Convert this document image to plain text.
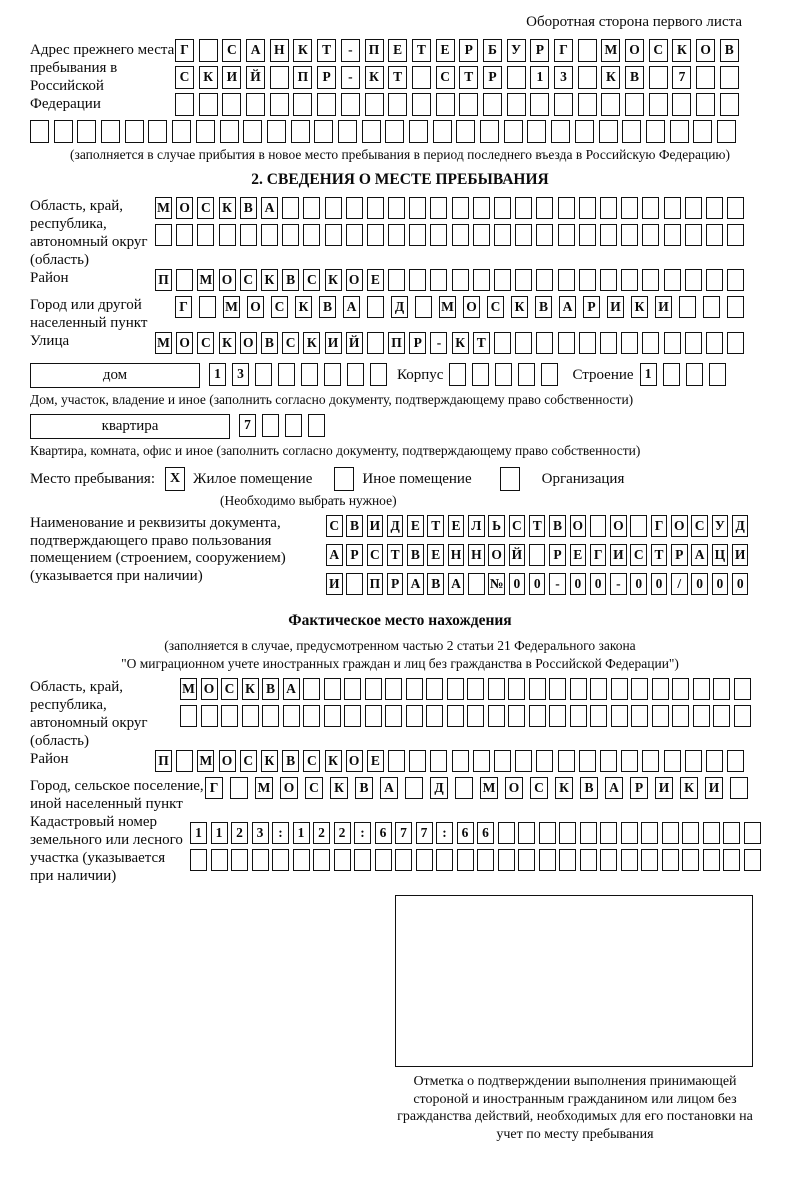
Оборотная сторона первого листа
Адрес прежнего места пребывания в Российской Федерации
Г	С А Н К Т - П Е Т Е Р Б У Р Г	М О С К О В
С К И Й	П Р - К Т	С Т Р	1 3	К В	7
(заполняется в случае прибытия в новое место пребывания в период последнего въезда в Российскую Федерацию)
2. СВЕДЕНИЯ О МЕСТЕ ПРЕБЫВАНИЯ
Область, край, республика, автономный округ (область)
М О С К В А
Район	П М О С К В С К О Е
Город или другой населенный пункт
Г	М О С К В А	Д	М О С К В А Р И К И
Улица	М О С К О В С К И Й П Р - К Т
дом	1 3	Корпус	Строение 1
Дом, участок, владение и иное (заполнить согласно документу, подтверждающему право собственности)
квартира	7
Квартира, комната, офис и иное (заполнить согласно документу, подтверждающему право собственности)
Место пребывания:	X Жилое помещение	Иное помещение	Организация
(Необходимо выбрать нужное)
Наименование и реквизиты документа, подтверждающего право пользования помещением (строением, сооружением) (указывается при наличии)
С В И Д Е Т Е Л Ь С Т В О О Г О С У Д
А Р С Т В Е Н Н О Й Р Е Г И С Т Р А Ц И
И П Р А В А № 0 0 - 0 0 - 0 0 / 0 0 0
Фактическое место нахождения
(заполняется в случае, предусмотренном частью 2 статьи 21 Федерального закона
"О миграционном учете иностранных граждан и лиц без гражданства в Российской Федерации")
Область, край, республика, автономный округ (область)
М О С К В А
Район	П М О С К В С К О Е
Город, сельское поселение, иной населенный пункт
Г	М О С К В А	Д	М О С К В А Р И К И
Кадастровый номер земельного или лесного участка (указывается при наличии)
1 1 2 3 : 1 2 2 : 6 7 7 : 6 6
Отметка о подтверждении выполнения принимающей стороной и иностранным гражданином или лицом без гражданства действий, необходимых для его постановки на учет по месту пребывания
